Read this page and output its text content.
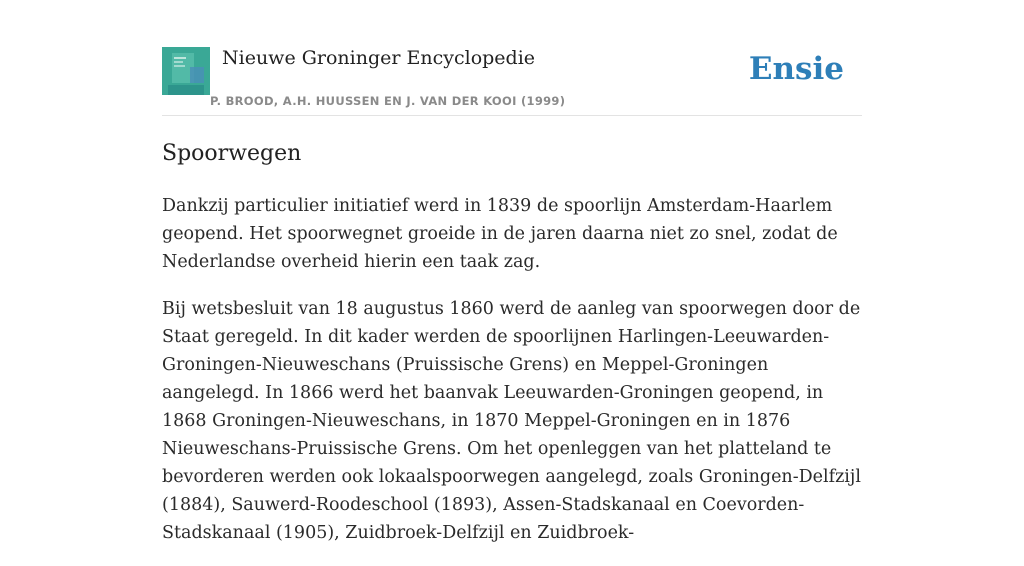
Nieuwe Groninger Encyclopedie
P. BROOD, A.H. HUUSSEN EN J. VAN DER KOOI (1999)
Ensie
Spoorwegen

Dankzij particulier initiatief werd in 1839 de spoorlijn Amsterdam-Haarlem geopend. Het spoorwegnet groeide in de jaren daarna niet zo snel, zodat de Nederlandse overheid hierin een taak zag.

Bij wetsbesluit van 18 augustus 1860 werd de aanleg van spoorwegen door de Staat geregeld. In dit kader werden de spoorlijnen Harlingen-Leeuwarden-Groningen-Nieuweschans (Pruissische Grens) en Meppel-Groningen aangelegd. In 1866 werd het baanvak Leeuwarden-Groningen geopend, in 1868 Groningen-Nieuweschans, in 1870 Meppel-Groningen en in 1876 Nieuweschans-Pruissische Grens. Om het openleggen van het platteland te bevorderen werden ook lokaalspoorwegen aangelegd, zoals Groningen-Delfzijl (1884), Sauwerd-Roodeschool (1893), Assen-Stadskanaal en Coevorden-Stadskanaal (1905), Zuidbroek-Delfzijl en Zuidbroek-
